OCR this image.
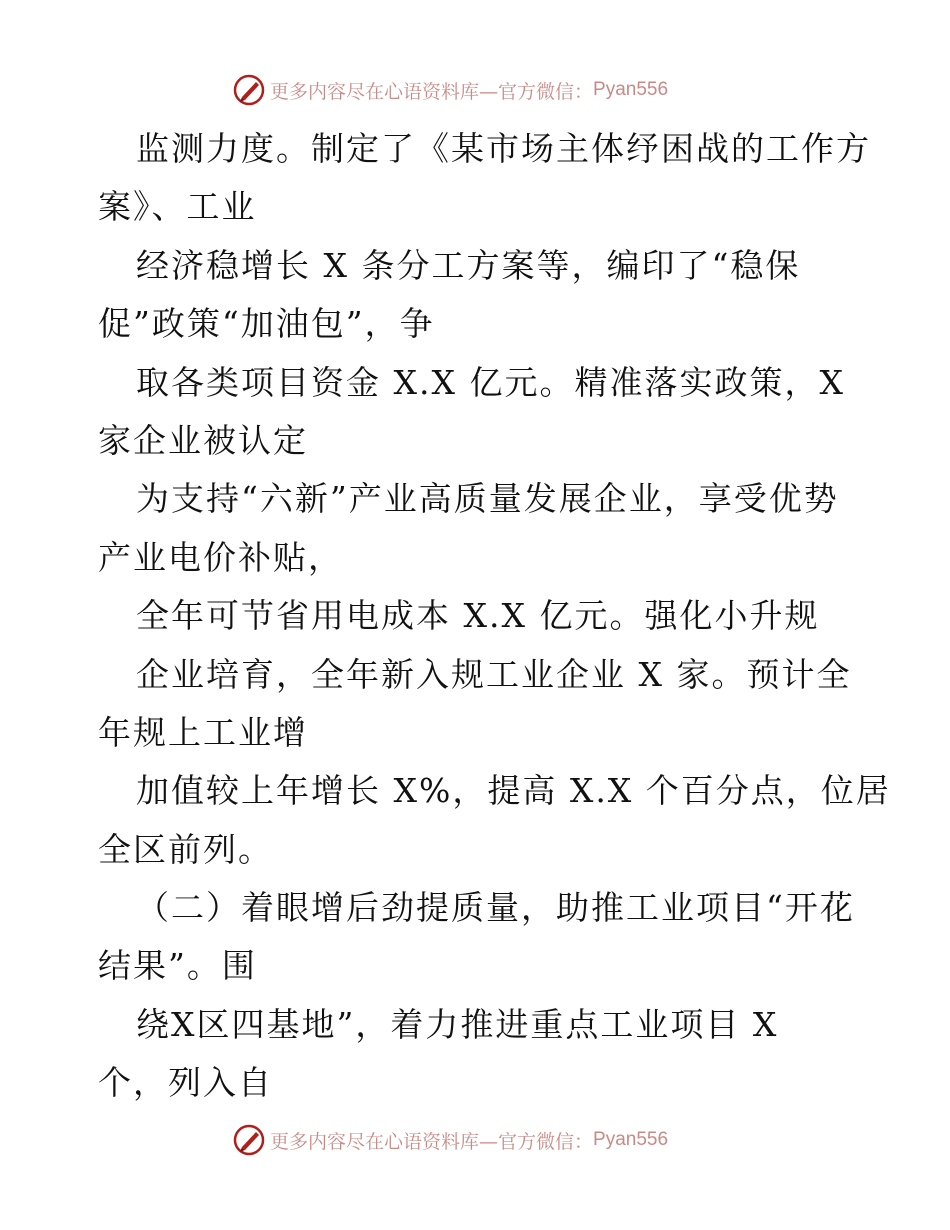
更多内容尽在心语资料库—官方微信： Pyan556
监测力度。制定了《某市场主体纾困战的工作方
案》、工业
经济稳增长 X 条分工方案等，编印了“稳保
促”政策“加油包”，争
取各类项目资金 X.X 亿元。精准落实政策，X
家企业被认定
为支持“六新”产业高质量发展企业，享受优势
产业电价补贴，
全年可节省用电成本 X.X 亿元。强化小升规
企业培育，全年新入规工业企业 X 家。预计全
年规上工业增
加值较上年增长 X%，提高 X.X 个百分点，位居
全区前列。
（二）着眼增后劲提质量，助推工业项目“开花
结果”。围
绕X区四基地”，着力推进重点工业项目 X
个，列入自
更多内容尽在心语资料库—官方微信： Pyan556
